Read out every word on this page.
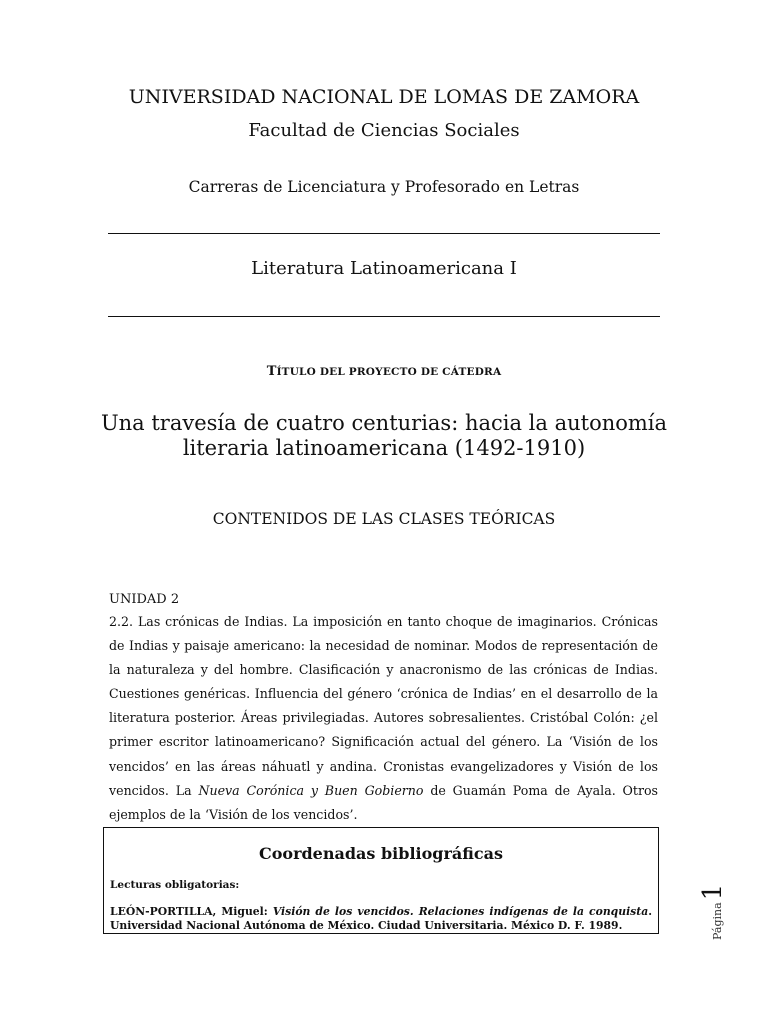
UNIVERSIDAD NACIONAL DE LOMAS DE ZAMORA
Facultad de Ciencias Sociales
Carreras de Licenciatura y Profesorado en Letras
Literatura Latinoamericana I
TÍTULO DEL PROYECTO DE CÁTEDRA
Una travesía de cuatro centurias: hacia la autonomía
literaria latinoamericana (1492-1910)
CONTENIDOS DE LAS CLASES TEÓRICAS
UNIDAD 2
2.2. Las crónicas de Indias. La imposición en tanto choque de imaginarios. Crónicas de Indias y paisaje americano: la necesidad de nominar. Modos de representación de la naturaleza y del hombre. Clasificación y anacronismo de las crónicas de Indias. Cuestiones genéricas. Influencia del género ‘crónica de Indias’ en el desarrollo de la literatura posterior. Áreas privilegiadas. Autores sobresalientes. Cristóbal Colón: ¿el primer escritor latinoamericano? Significación actual del género. La ‘Visión de los vencidos’ en las áreas náhuatl y andina. Cronistas evangelizadores y Visión de los vencidos. La Nueva Corónica y Buen Gobierno de Guamán Poma de Ayala. Otros ejemplos de la ‘Visión de los vencidos’.
Coordenadas bibliográficas
Lecturas obligatorias:
LEÓN-PORTILLA, Miguel: Visión de los vencidos. Relaciones indígenas de la conquista. Universidad Nacional Autónoma de México. Ciudad Universitaria. México D. F. 1989.	Página1
